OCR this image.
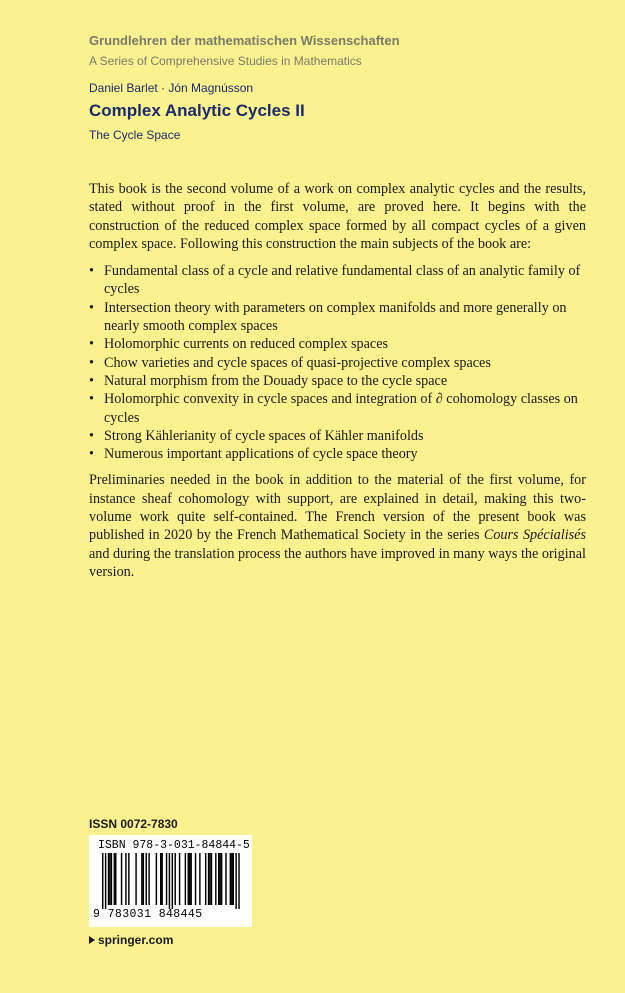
Grundlehren der mathematischen Wissenschaften
A Series of Comprehensive Studies in Mathematics
Daniel Barlet · Jón Magnússon
Complex Analytic Cycles II
The Cycle Space

This book is the second volume of a work on complex analytic cycles and the results, stated without proof in the first volume, are proved here. It begins with the construction of the reduced complex space formed by all compact cycles of a given complex space. Following this construction the main subjects of the book are:

• Fundamental class of a cycle and relative fundamental class of an analytic family of cycles
• Intersection theory with parameters on complex manifolds and more generally on nearly smooth complex spaces
• Holomorphic currents on reduced complex spaces
• Chow varieties and cycle spaces of quasi-projective complex spaces
• Natural morphism from the Douady space to the cycle space
• Holomorphic convexity in cycle spaces and integration of ∂ cohomology classes on cycles
• Strong Kählerianity of cycle spaces of Kähler manifolds
• Numerous important applications of cycle space theory

Preliminaries needed in the book in addition to the material of the first volume, for instance sheaf cohomology with support, are explained in detail, making this two-volume work quite self-contained. The French version of the present book was published in 2020 by the French Mathematical Society in the series Cours Spécialisés and during the translation process the authors have improved in many ways the original version.

ISSN 0072-7830
ISBN 978-3-031-84844-5
9 783031 848445
springer.com
